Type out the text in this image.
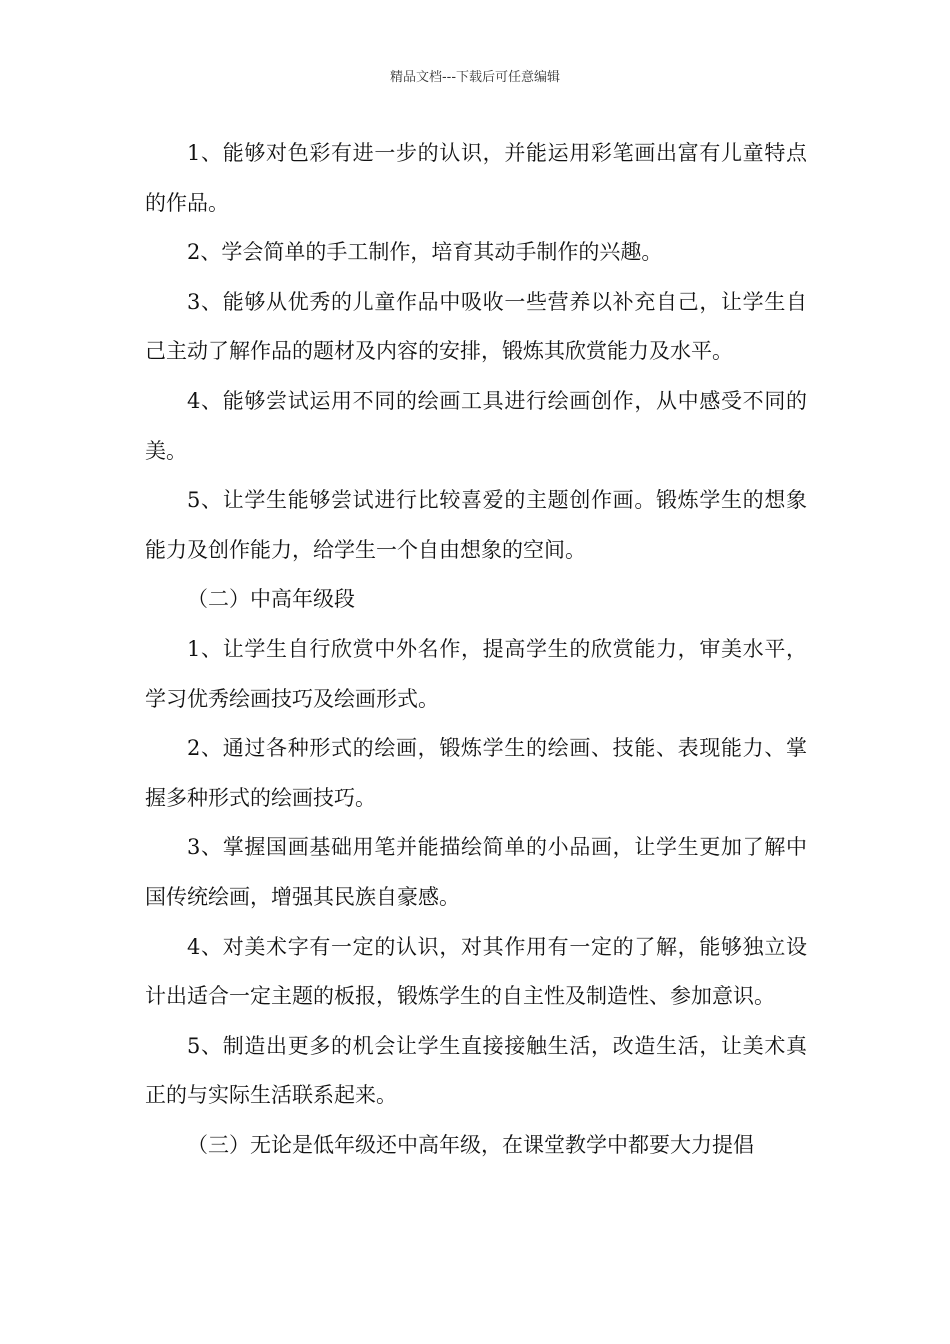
精品文档---下载后可任意编辑

1、能够对色彩有进一步的认识，并能运用彩笔画出富有儿童特点的作品。

2、学会简单的手工制作，培育其动手制作的兴趣。

3、能够从优秀的儿童作品中吸收一些营养以补充自己，让学生自己主动了解作品的题材及内容的安排，锻炼其欣赏能力及水平。

4、能够尝试运用不同的绘画工具进行绘画创作，从中感受不同的美。

5、让学生能够尝试进行比较喜爱的主题创作画。锻炼学生的想象能力及创作能力，给学生一个自由想象的空间。

（二）中高年级段

1、让学生自行欣赏中外名作，提高学生的欣赏能力，审美水平，学习优秀绘画技巧及绘画形式。

2、通过各种形式的绘画，锻炼学生的绘画、技能、表现能力、掌握多种形式的绘画技巧。

3、掌握国画基础用笔并能描绘简单的小品画，让学生更加了解中国传统绘画，增强其民族自豪感。

4、对美术字有一定的认识，对其作用有一定的了解，能够独立设计出适合一定主题的板报，锻炼学生的自主性及制造性、参加意识。

5、制造出更多的机会让学生直接接触生活，改造生活，让美术真正的与实际生活联系起来。

（三）无论是低年级还中高年级，在课堂教学中都要大力提倡
